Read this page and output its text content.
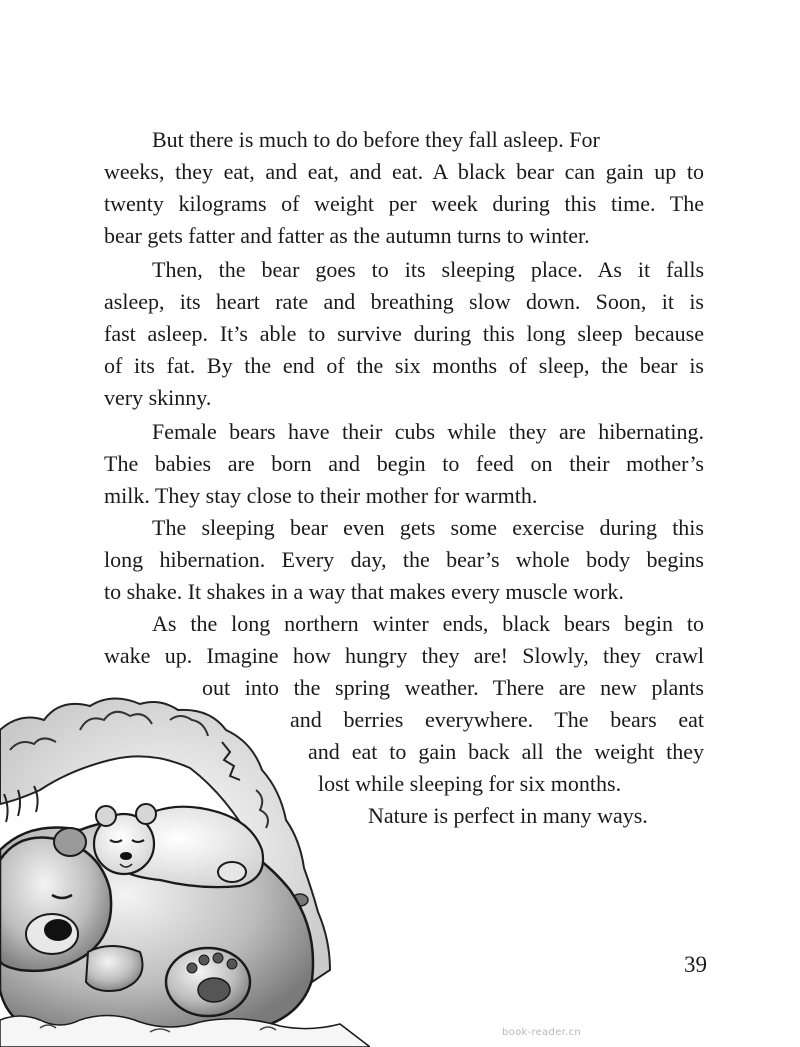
But there is much to do before they fall asleep. For
weeks, they eat, and eat, and eat. A black bear can gain up to
twenty kilograms of weight per week during this time. The
bear gets fatter and fatter as the autumn turns to winter.
Then, the bear goes to its sleeping place. As it falls
asleep, its heart rate and breathing slow down. Soon, it is
fast asleep. It’s able to survive during this long sleep because
of its fat. By the end of the six months of sleep, the bear is
very skinny.
Female bears have their cubs while they are hibernating.
The babies are born and begin to feed on their mother’s
milk. They stay close to their mother for warmth.
The sleeping bear even gets some exercise during this
long hibernation. Every day, the bear’s whole body begins
to shake. It shakes in a way that makes every muscle work.
As the long northern winter ends, black bears begin to
wake up. Imagine how hungry they are! Slowly, they crawl
out into the spring weather. There are new plants
and berries everywhere. The bears eat
and eat to gain back all the weight they
lost while sleeping for six months.
Nature is perfect in many ways.
39
book-reader.cn
